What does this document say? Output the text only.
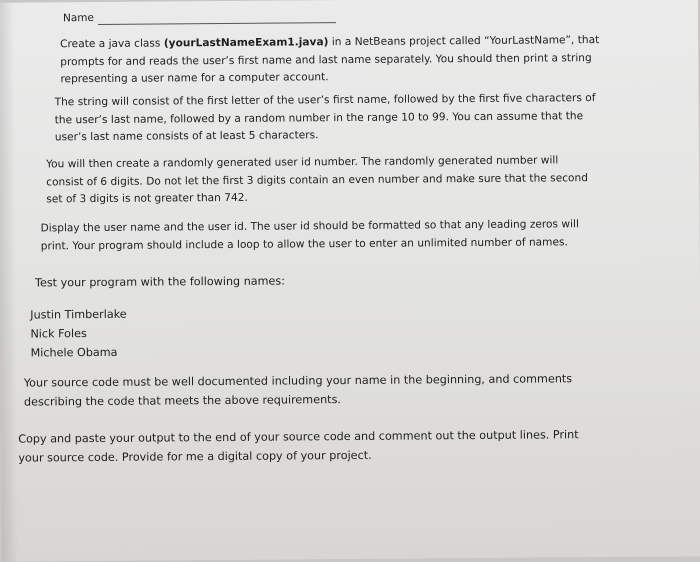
Name

Create a java class (yourLastNameExam1.java) in a NetBeans project called “YourLastName”, that
prompts for and reads the user’s first name and last name separately. You should then print a string
representing a user name for a computer account.

The string will consist of the first letter of the user’s first name, followed by the first five characters of
the user’s last name, followed by a random number in the range 10 to 99. You can assume that the
user’s last name consists of at least 5 characters.

You will then create a randomly generated user id number. The randomly generated number will
consist of 6 digits. Do not let the first 3 digits contain an even number and make sure that the second
set of 3 digits is not greater than 742.

Display the user name and the user id. The user id should be formatted so that any leading zeros will
print. Your program should include a loop to allow the user to enter an unlimited number of names.

Test your program with the following names:

Justin Timberlake
Nick Foles
Michele Obama

Your source code must be well documented including your name in the beginning, and comments
describing the code that meets the above requirements.

Copy and paste your output to the end of your source code and comment out the output lines. Print
your source code. Provide for me a digital copy of your project.
